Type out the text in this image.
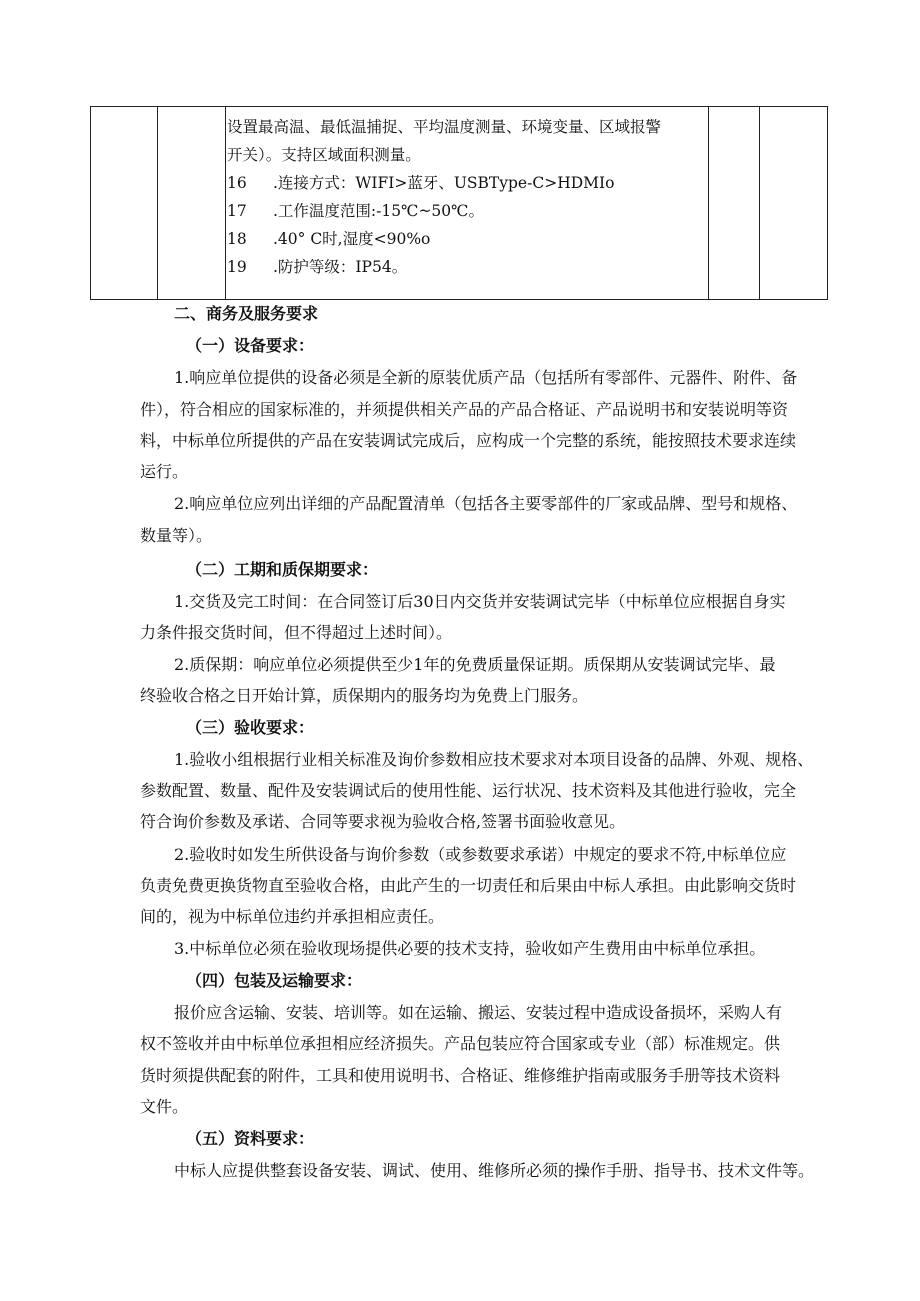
设置最高温、最低温捕捉、平均温度测量、环境变量、区域报警
开关）。支持区域面积测量。
16 .连接方式：WIFI>蓝牙、USBType-C>HDMIo
17 .工作温度范围:-15℃~50℃。
18 .40° C时,湿度<90%o
19 .防护等级：IP54。
二、商务及服务要求
（一）设备要求：
1.响应单位提供的设备必须是全新的原装优质产品（包括所有零部件、元器件、附件、备
件），符合相应的国家标准的，并须提供相关产品的产品合格证、产品说明书和安装说明等资
料，中标单位所提供的产品在安装调试完成后，应构成一个完整的系统，能按照技术要求连续
运行。
2.响应单位应列出详细的产品配置清单（包括各主要零部件的厂家或品牌、型号和规格、
数量等）。
（二）工期和质保期要求：
1.交货及完工时间：在合同签订后30日内交货并安装调试完毕（中标单位应根据自身实
力条件报交货时间，但不得超过上述时间）。
2.质保期：响应单位必须提供至少1年的免费质量保证期。质保期从安装调试完毕、最
终验收合格之日开始计算，质保期内的服务均为免费上门服务。
（三）验收要求：
1.验收小组根据行业相关标准及询价参数相应技术要求对本项目设备的品牌、外观、规格、
参数配置、数量、配件及安装调试后的使用性能、运行状况、技术资料及其他进行验收，完全
符合询价参数及承诺、合同等要求视为验收合格,签署书面验收意见。
2.验收时如发生所供设备与询价参数（或参数要求承诺）中规定的要求不符,中标单位应
负责免费更换货物直至验收合格，由此产生的一切责任和后果由中标人承担。由此影响交货时
间的，视为中标单位违约并承担相应责任。
3.中标单位必须在验收现场提供必要的技术支持，验收如产生费用由中标单位承担。
（四）包装及运输要求：
报价应含运输、安装、培训等。如在运输、搬运、安装过程中造成设备损坏，采购人有
权不签收并由中标单位承担相应经济损失。产品包装应符合国家或专业（部）标准规定。供
货时须提供配套的附件，工具和使用说明书、合格证、维修维护指南或服务手册等技术资料
文件。
（五）资料要求：
中标人应提供整套设备安装、调试、使用、维修所必须的操作手册、指导书、技术文件等。
